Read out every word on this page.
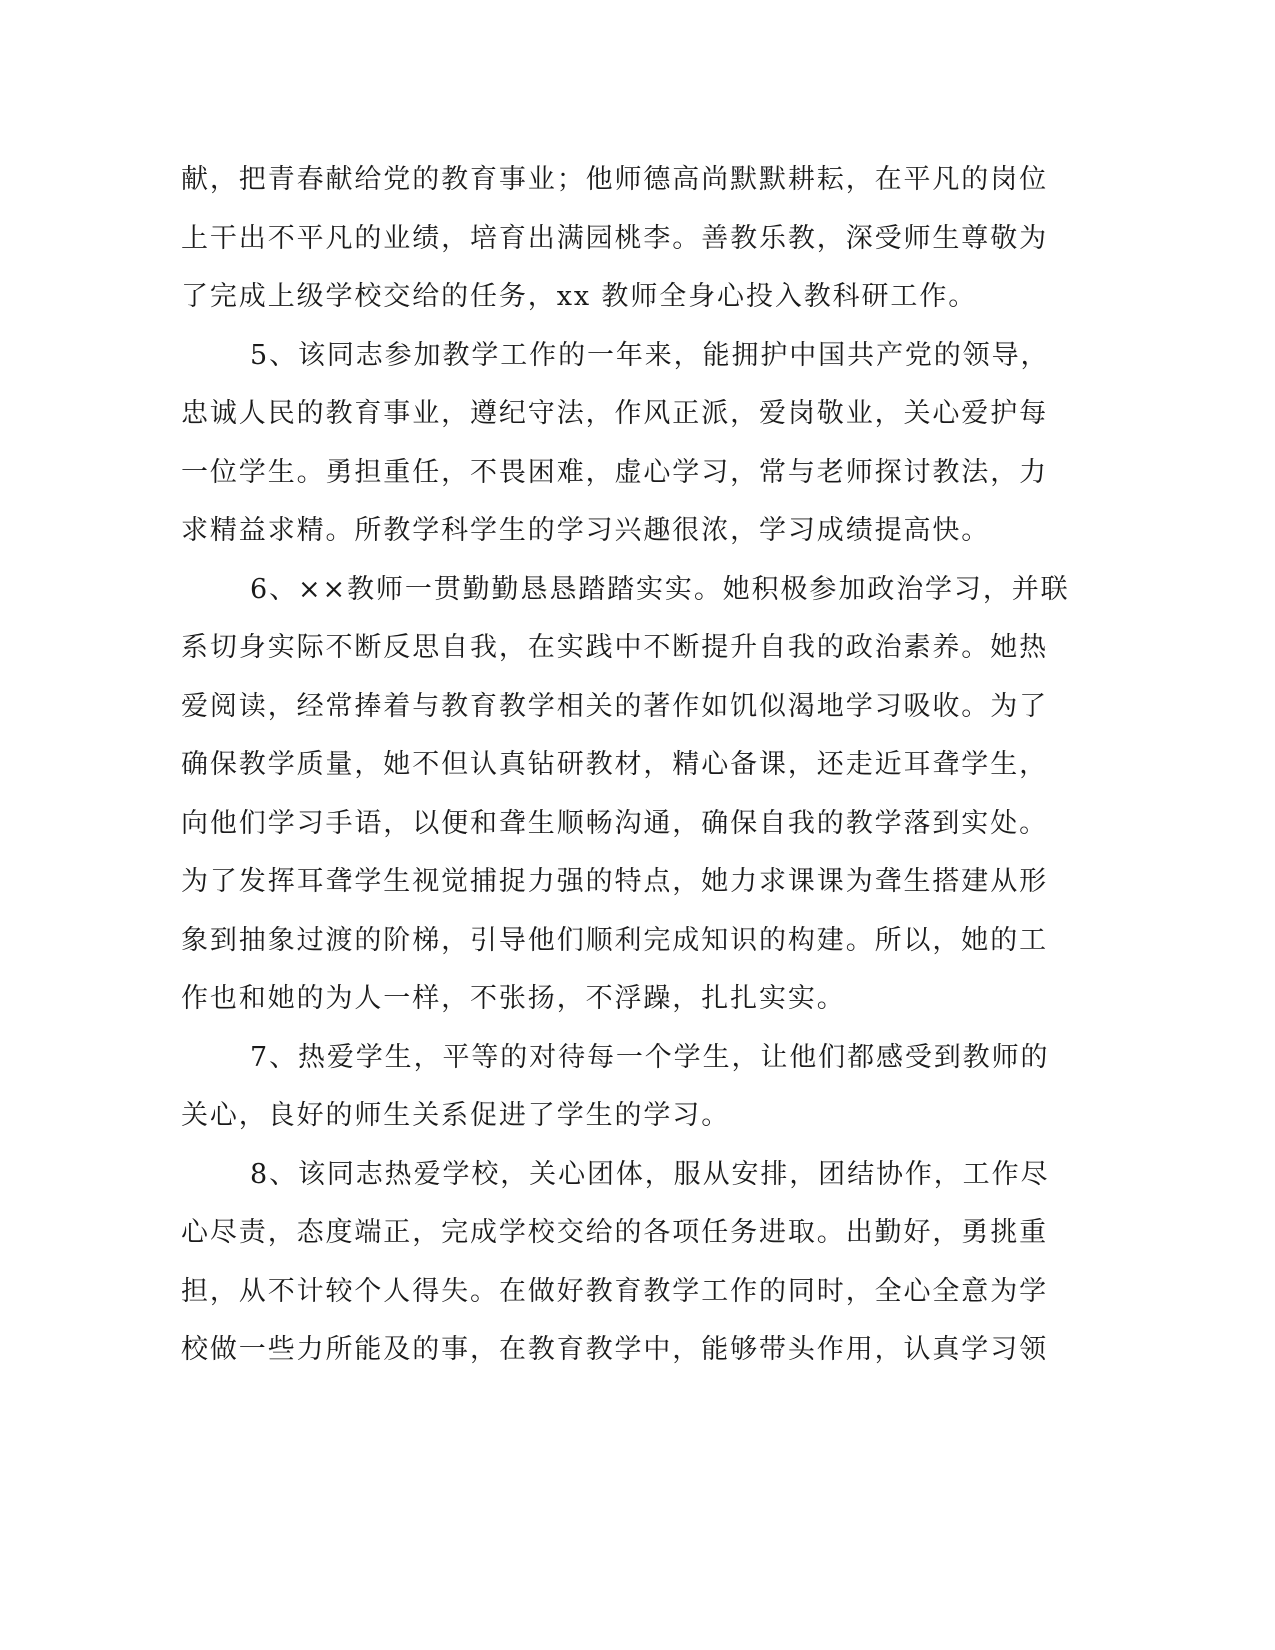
献，把青春献给党的教育事业；他师德高尚默默耕耘，在平凡的岗位

上干出不平凡的业绩，培育出满园桃李。善教乐教，深受师生尊敬为

了完成上级学校交给的任务，xx 教师全身心投入教科研工作。

5、该同志参加教学工作的一年来，能拥护中国共产党的领导，

忠诚人民的教育事业，遵纪守法，作风正派，爱岗敬业，关心爱护每

一位学生。勇担重任，不畏困难，虚心学习，常与老师探讨教法，力

求精益求精。所教学科学生的学习兴趣很浓，学习成绩提高快。

6、××教师一贯勤勤恳恳踏踏实实。她积极参加政治学习，并联

系切身实际不断反思自我，在实践中不断提升自我的政治素养。她热

爱阅读，经常捧着与教育教学相关的著作如饥似渴地学习吸收。为了

确保教学质量，她不但认真钻研教材，精心备课，还走近耳聋学生，

向他们学习手语，以便和聋生顺畅沟通，确保自我的教学落到实处。

为了发挥耳聋学生视觉捕捉力强的特点，她力求课课为聋生搭建从形

象到抽象过渡的阶梯，引导他们顺利完成知识的构建。所以，她的工

作也和她的为人一样，不张扬，不浮躁，扎扎实实。

7、热爱学生，平等的对待每一个学生，让他们都感受到教师的

关心，良好的师生关系促进了学生的学习。

8、该同志热爱学校，关心团体，服从安排，团结协作，工作尽

心尽责，态度端正，完成学校交给的各项任务进取。出勤好，勇挑重

担，从不计较个人得失。在做好教育教学工作的同时，全心全意为学

校做一些力所能及的事，在教育教学中，能够带头作用，认真学习领
